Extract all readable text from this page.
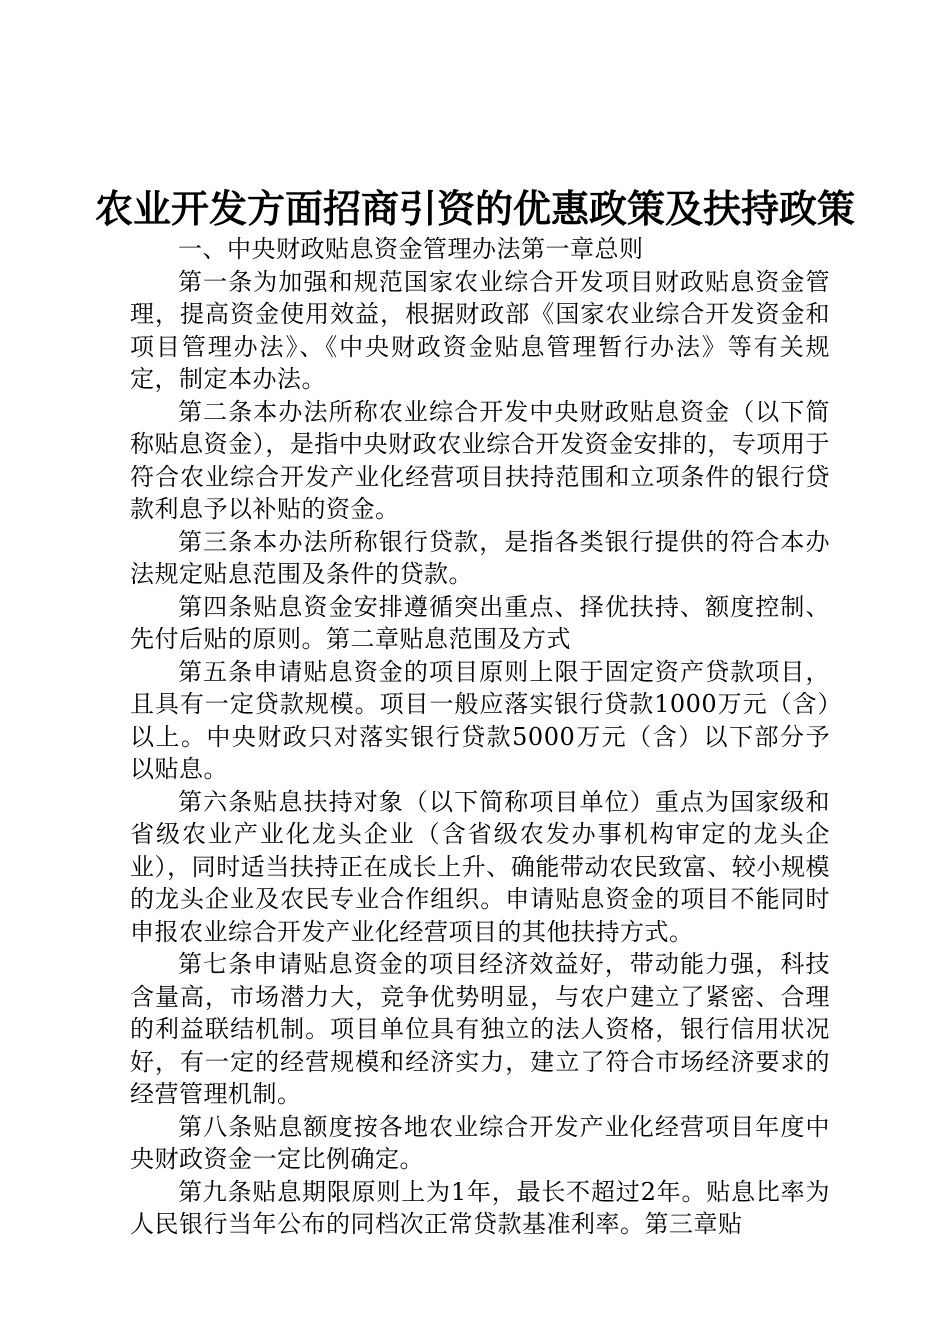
农业开发方面招商引资的优惠政策及扶持政策

一、中央财政贴息资金管理办法第一章总则

第一条为加强和规范国家农业综合开发项目财政贴息资金管理，提高资金使用效益，根据财政部《国家农业综合开发资金和项目管理办法》、《中央财政资金贴息管理暂行办法》等有关规定，制定本办法。

第二条本办法所称农业综合开发中央财政贴息资金（以下简称贴息资金），是指中央财政农业综合开发资金安排的，专项用于符合农业综合开发产业化经营项目扶持范围和立项条件的银行贷款利息予以补贴的资金。

第三条本办法所称银行贷款，是指各类银行提供的符合本办法规定贴息范围及条件的贷款。

第四条贴息资金安排遵循突出重点、择优扶持、额度控制、先付后贴的原则。第二章贴息范围及方式

第五条申请贴息资金的项目原则上限于固定资产贷款项目，且具有一定贷款规模。项目一般应落实银行贷款1000万元（含）以上。中央财政只对落实银行贷款5000万元（含）以下部分予以贴息。

第六条贴息扶持对象（以下简称项目单位）重点为国家级和省级农业产业化龙头企业（含省级农发办事机构审定的龙头企业），同时适当扶持正在成长上升、确能带动农民致富、较小规模的龙头企业及农民专业合作组织。申请贴息资金的项目不能同时申报农业综合开发产业化经营项目的其他扶持方式。

第七条申请贴息资金的项目经济效益好，带动能力强，科技含量高，市场潜力大，竞争优势明显，与农户建立了紧密、合理的利益联结机制。项目单位具有独立的法人资格，银行信用状况好，有一定的经营规模和经济实力，建立了符合市场经济要求的经营管理机制。

第八条贴息额度按各地农业综合开发产业化经营项目年度中央财政资金一定比例确定。

第九条贴息期限原则上为1年，最长不超过2年。贴息比率为人民银行当年公布的同档次正常贷款基准利率。第三章贴
